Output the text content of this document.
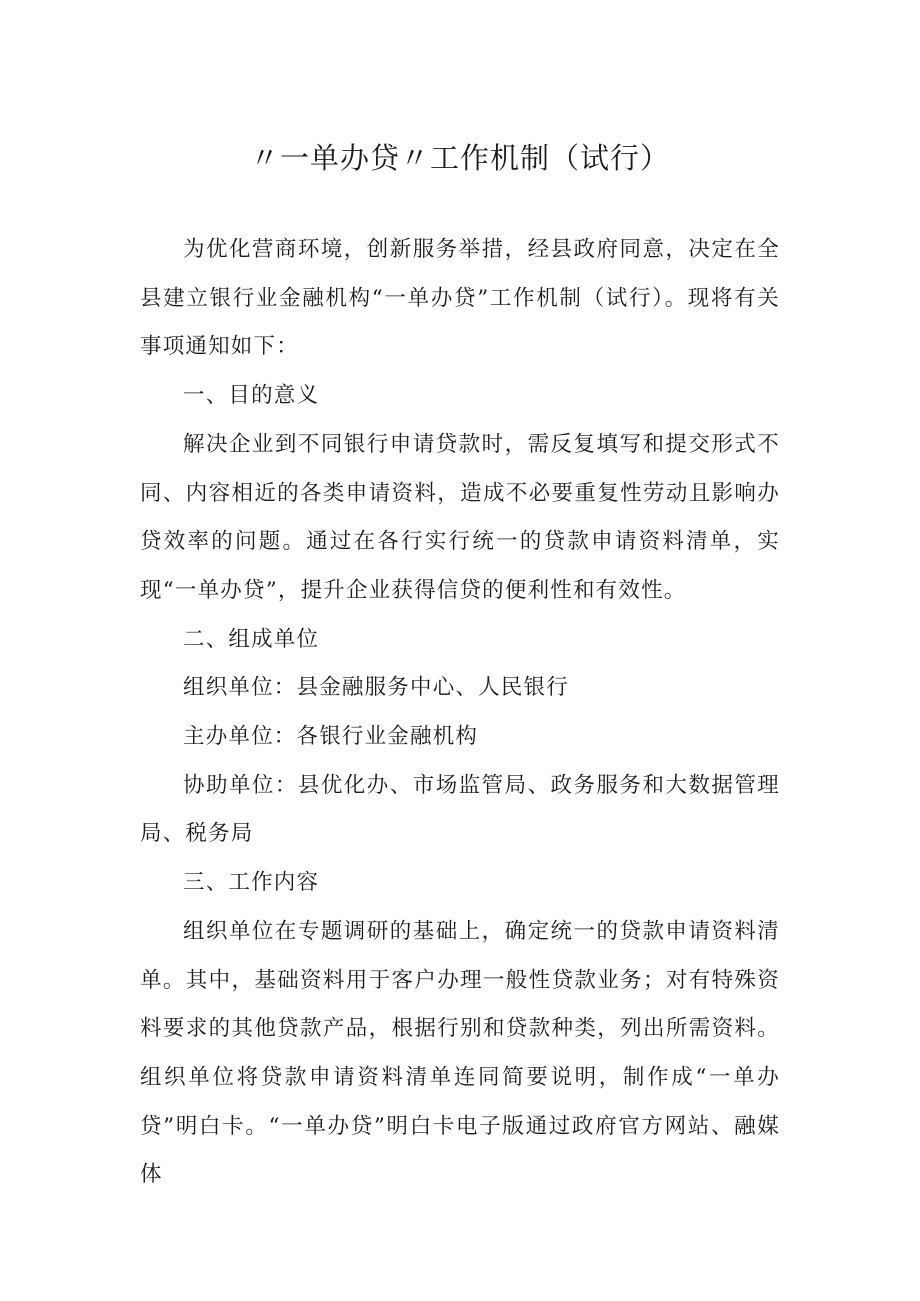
〃一单办贷〃工作机制（试行）

为优化营商环境，创新服务举措，经县政府同意，决定在全县建立银行业金融机构“一单办贷”工作机制（试行）。现将有关事项通知如下：

一、目的意义

解决企业到不同银行申请贷款时，需反复填写和提交形式不同、内容相近的各类申请资料，造成不必要重复性劳动且影响办贷效率的问题。通过在各行实行统一的贷款申请资料清单，实现“一单办贷”，提升企业获得信贷的便利性和有效性。

二、组成单位

组织单位：县金融服务中心、人民银行

主办单位：各银行业金融机构

协助单位：县优化办、市场监管局、政务服务和大数据管理局、税务局

三、工作内容

组织单位在专题调研的基础上，确定统一的贷款申请资料清单。其中，基础资料用于客户办理一般性贷款业务；对有特殊资料要求的其他贷款产品，根据行别和贷款种类，列出所需资料。组织单位将贷款申请资料清单连同简要说明，制作成“一单办贷”明白卡。“一单办贷”明白卡电子版通过政府官方网站、融媒体
